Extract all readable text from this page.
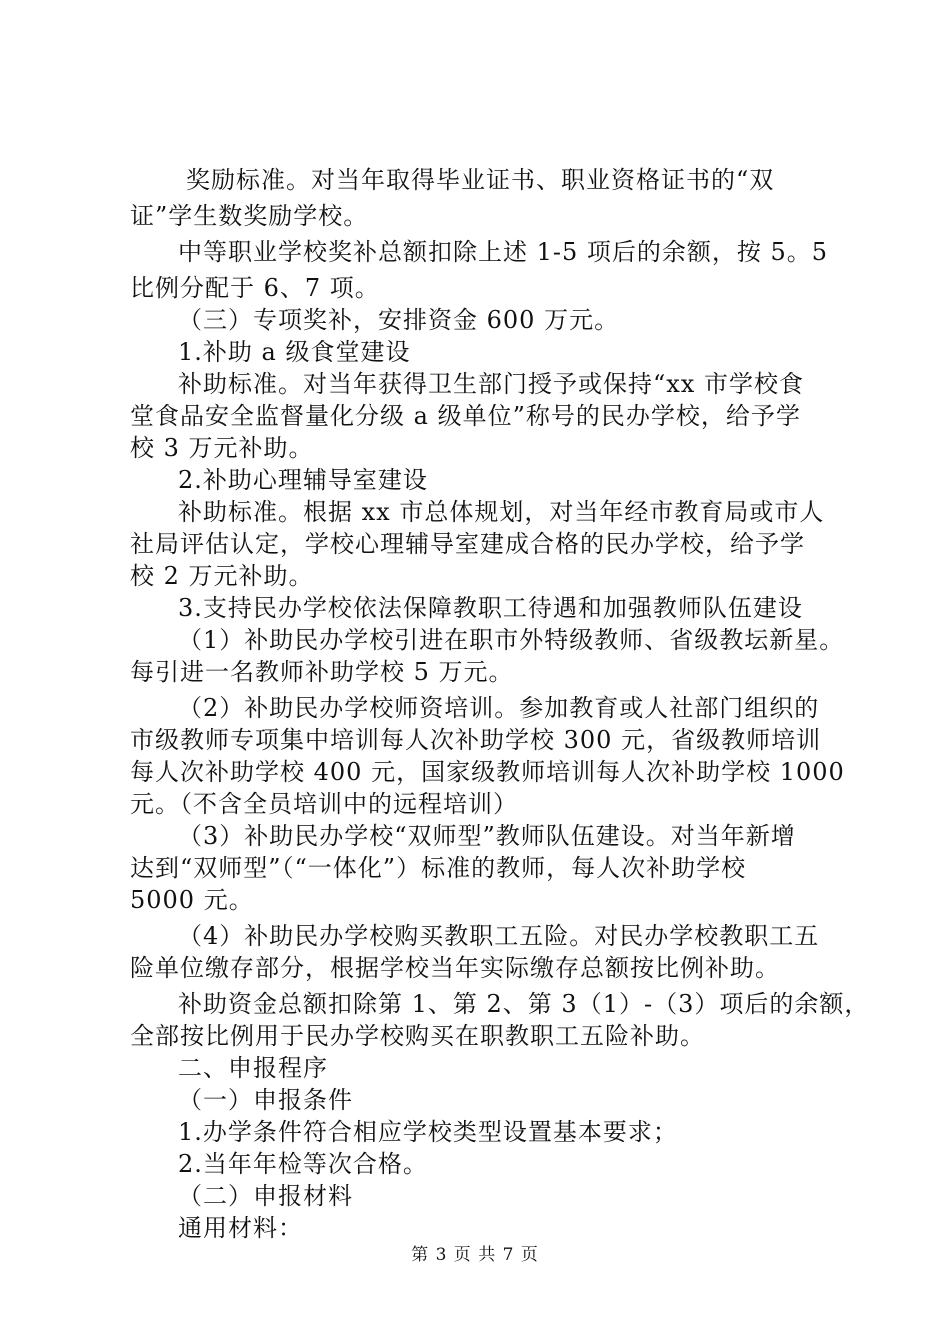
奖励标准。对当年取得毕业证书、职业资格证书的“双
证”学生数奖励学校。
中等职业学校奖补总额扣除上述 1-5 项后的余额，按 5。5
比例分配于 6、7 项。
（三）专项奖补，安排资金 600 万元。
1.补助 a 级食堂建设
补助标准。对当年获得卫生部门授予或保持“xx 市学校食
堂食品安全监督量化分级 a 级单位”称号的民办学校，给予学
校 3 万元补助。
2.补助心理辅导室建设
补助标准。根据 xx 市总体规划，对当年经市教育局或市人
社局评估认定，学校心理辅导室建成合格的民办学校，给予学
校 2 万元补助。
3.支持民办学校依法保障教职工待遇和加强教师队伍建设
（1）补助民办学校引进在职市外特级教师、省级教坛新星。
每引进一名教师补助学校 5 万元。
（2）补助民办学校师资培训。参加教育或人社部门组织的
市级教师专项集中培训每人次补助学校 300 元，省级教师培训
每人次补助学校 400 元，国家级教师培训每人次补助学校 1000
元。（不含全员培训中的远程培训）
（3）补助民办学校“双师型”教师队伍建设。对当年新增
达到“双师型”（“一体化”）标准的教师，每人次补助学校
5000 元。
（4）补助民办学校购买教职工五险。对民办学校教职工五
险单位缴存部分，根据学校当年实际缴存总额按比例补助。
补助资金总额扣除第 1、第 2、第 3（1）-（3）项后的余额，
全部按比例用于民办学校购买在职教职工五险补助。
二、申报程序
（一）申报条件
1.办学条件符合相应学校类型设置基本要求；
2.当年年检等次合格。
（二）申报材料
通用材料：
第 3 页 共 7 页
